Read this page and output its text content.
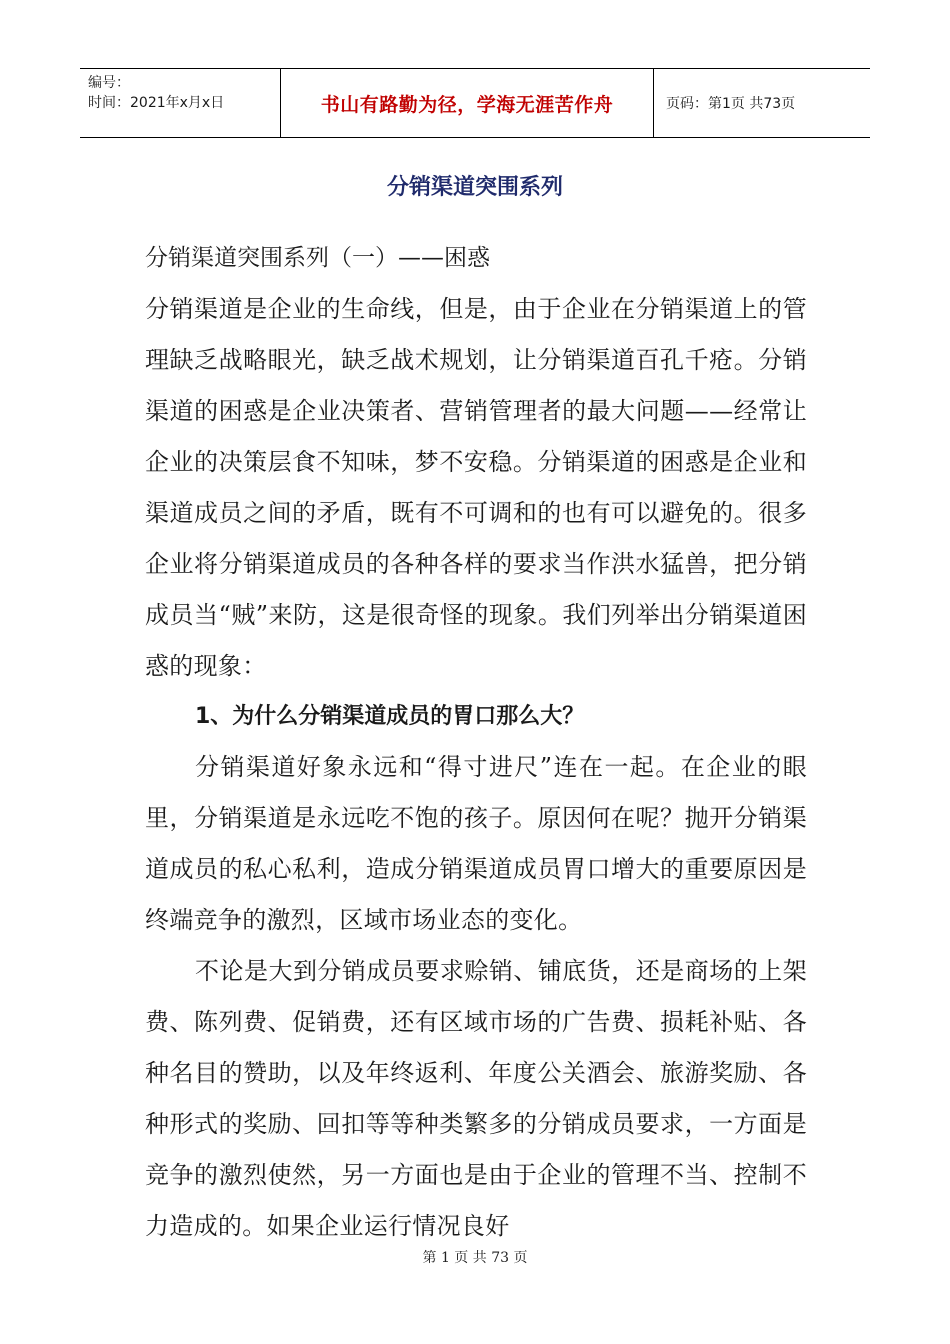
编号：
时间：2021年x月x日	书山有路勤为径，学海无涯苦作舟	页码：第1页 共73页
分销渠道突围系列

分销渠道突围系列（一）——困惑

分销渠道是企业的生命线，但是，由于企业在分销渠道上的管理缺乏战略眼光，缺乏战术规划，让分销渠道百孔千疮。分销渠道的困惑是企业决策者、营销管理者的最大问题——经常让企业的决策层食不知味，梦不安稳。分销渠道的困惑是企业和渠道成员之间的矛盾，既有不可调和的也有可以避免的。很多企业将分销渠道成员的各种各样的要求当作洪水猛兽，把分销成员当“贼”来防，这是很奇怪的现象。我们列举出分销渠道困惑的现象：

1、为什么分销渠道成员的胃口那么大？

分销渠道好象永远和“得寸进尺”连在一起。在企业的眼里，分销渠道是永远吃不饱的孩子。原因何在呢？抛开分销渠道成员的私心私利，造成分销渠道成员胃口增大的重要原因是终端竞争的激烈，区域市场业态的变化。

不论是大到分销成员要求赊销、铺底货，还是商场的上架费、陈列费、促销费，还有区域市场的广告费、损耗补贴、各种名目的赞助，以及年终返利、年度公关酒会、旅游奖励、各种形式的奖励、回扣等等种类繁多的分销成员要求，一方面是竞争的激烈使然，另一方面也是由于企业的管理不当、控制不力造成的。如果企业运行情况良好

第 1 页 共 73 页
